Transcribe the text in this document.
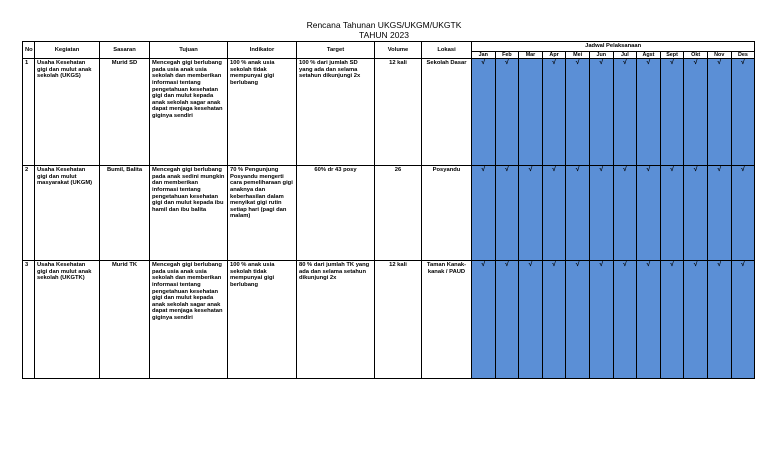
Rencana Tahunan UKGS/UKGM/UKGTK
TAHUN 2023
No	Kegiatan	Sasaran	Tujuan	Indikator	Target	Volume	Lokasi	Jadwal Pelaksanaan											
								Jan	Feb	Mar	Apr	Mei	Jun	Jul	Agst	Sept	Okt	Nov	Des
1	Usaha Kesehatan gigi dan mulut anak sekolah (UKGS)	Murid SD	Mencegah gigi berlubang pada usia anak usia sekolah dan memberikan informasi tentang pengetahuan kesehatan gigi dan mulut kepada anak sekolah sagar anak dapat menjaga kesehatan giginya sendiri	100 % anak usia sekolah tidak mempunyai gigi berlubang	100 % dari jumlah SD yang ada dan selama setahun dikunjungi 2x	12 kali	Sekolah Dasar	√	√		√	√	√	√	√	√	√	√	√
2	Usaha Kesehatan gigi dan mulut masyarakat (UKGM)	Bumil, Balita	Mencegah gigi berlubang pada anak sedini mungkin dan memberikan informasi tentang pengetahuan kesehatan gigi dan mulut kepada ibu hamil dan ibu balita	70 % Pengunjung Posyandu mengerti cara pemeliharaan gigi anaknya dan keberhasilan dalam menyikat gigi rutin setiap hari (pagi dan malam)	60% dr 43 posy	26	Posyandu	√	√	√	√	√	√	√	√	√	√	√	√
3	Usaha Kesehatan gigi dan mulut anak sekolah (UKGTK)	Murid TK	Mencegah gigi berlubang pada usia anak usia sekolah dan memberikan informasi tentang pengetahuan kesehatan gigi dan mulut kepada anak sekolah sagar anak dapat menjaga kesehatan giginya sendiri	100 % anak usia sekolah tidak mempunyai gigi berlubang	80 % dari jumlah TK yang ada dan selama setahun dikunjungi 2x	12 kali	Taman Kanak-kanak / PAUD	√	√	√	√	√	√	√	√	√	√	√	√
